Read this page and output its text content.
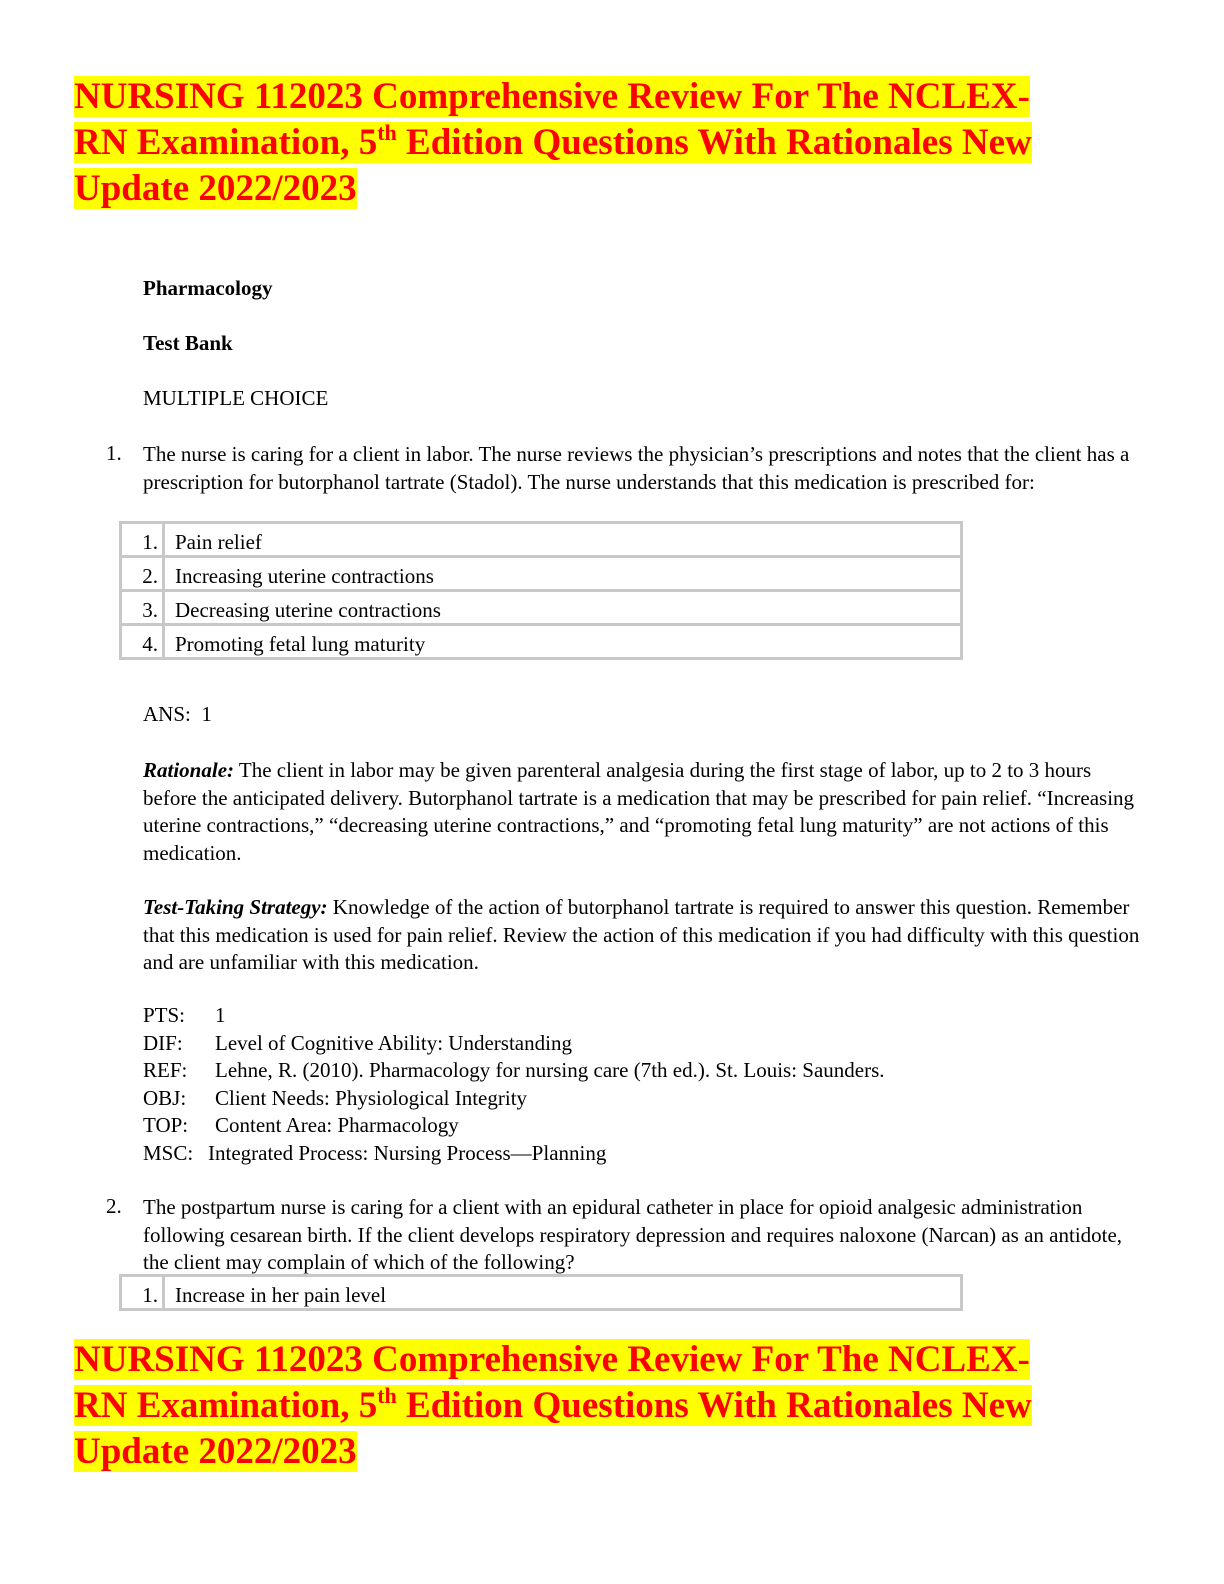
NURSING 112023 Comprehensive Review For The NCLEX-
RN Examination, 5th Edition Questions With Rationales New
Update 2022/2023
Pharmacology
Test Bank
MULTIPLE CHOICE
1. The nurse is caring for a client in labor. The nurse reviews the physician’s prescriptions and notes that the client has a prescription for butorphanol tartrate (Stadol). The nurse understands that this medication is prescribed for:
1.	Pain relief
2.	Increasing uterine contractions
3.	Decreasing uterine contractions
4.	Promoting fetal lung maturity
ANS:  1
Rationale: The client in labor may be given parenteral analgesia during the first stage of labor, up to 2 to 3 hours before the anticipated delivery. Butorphanol tartrate is a medication that may be prescribed for pain relief. “Increasing uterine contractions,” “decreasing uterine contractions,” and “promoting fetal lung maturity” are not actions of this medication.
Test-Taking Strategy: Knowledge of the action of butorphanol tartrate is required to answer this question. Remember that this medication is used for pain relief. Review the action of this medication if you had difficulty with this question and are unfamiliar with this medication.
PTS: 1
DIF: Level of Cognitive Ability: Understanding
REF: Lehne, R. (2010). Pharmacology for nursing care (7th ed.). St. Louis: Saunders.
OBJ: Client Needs: Physiological Integrity
TOP: Content Area: Pharmacology
MSC: Integrated Process: Nursing Process—Planning
2. The postpartum nurse is caring for a client with an epidural catheter in place for opioid analgesic administration following cesarean birth. If the client develops respiratory depression and requires naloxone (Narcan) as an antidote, the client may complain of which of the following?
1.	Increase in her pain level
NURSING 112023 Comprehensive Review For The NCLEX-
RN Examination, 5th Edition Questions With Rationales New
Update 2022/2023
